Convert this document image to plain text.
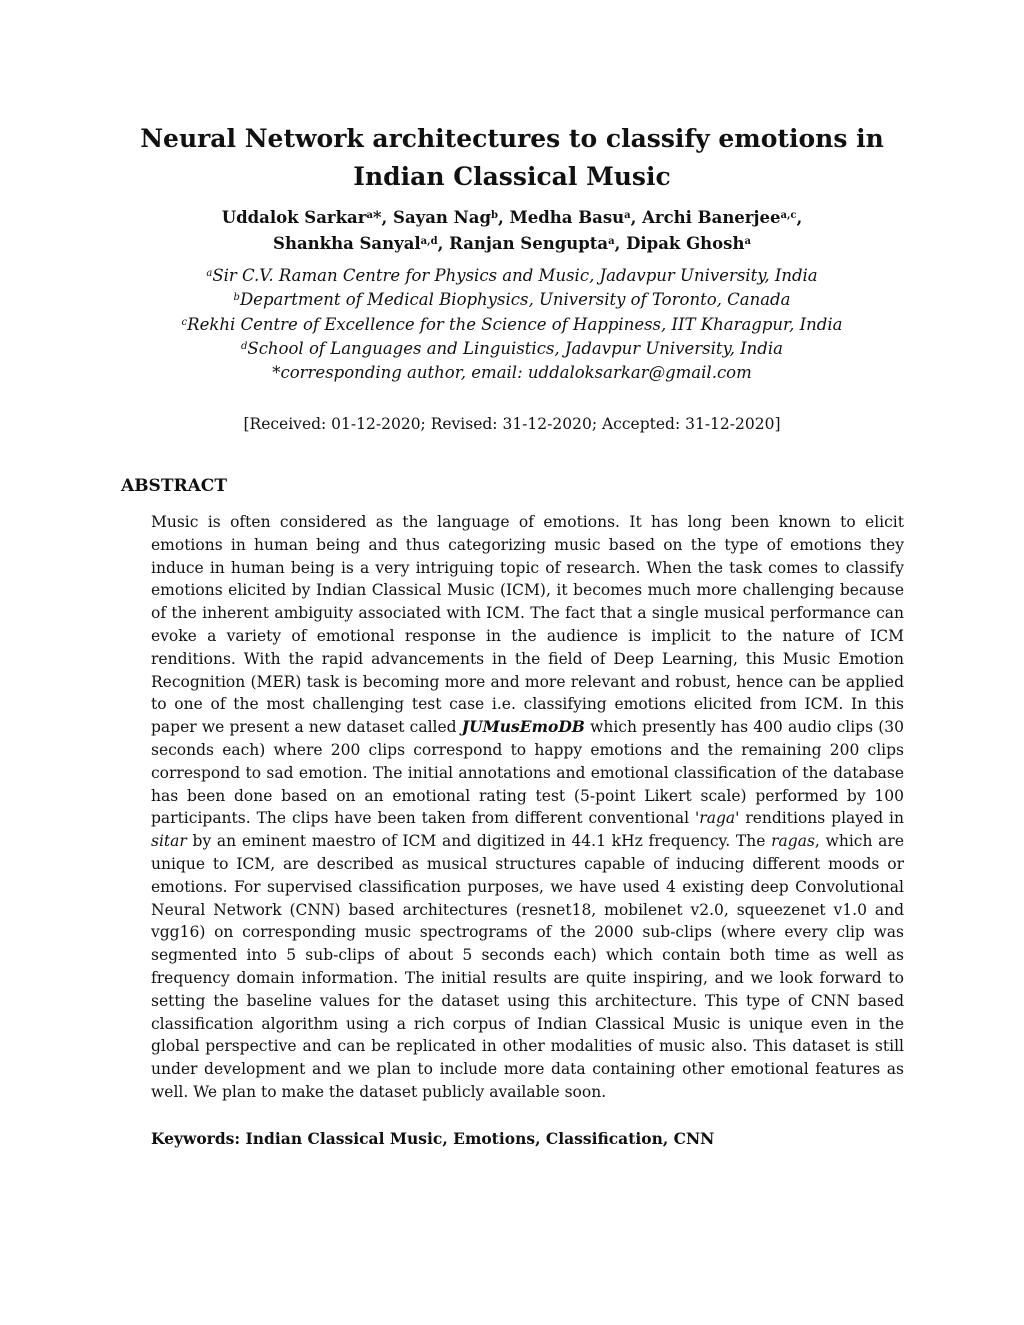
Neural Network architectures to classify emotions in
Indian Classical Music
Uddalok Sarkar$^a$*, Sayan Nag$^b$, Medha Basu$^a$, Archi Banerjee$^{a,c}$,
Shankha Sanyal$^{a,d}$, Ranjan Sengupta$^a$, Dipak Ghosh$^a$
$^a$Sir C.V. Raman Centre for Physics and Music, Jadavpur University, India
$^b$Department of Medical Biophysics, University of Toronto, Canada
$^c$Rekhi Centre of Excellence for the Science of Happiness, IIT Kharagpur, India
$^d$School of Languages and Linguistics, Jadavpur University, India
*corresponding author, email: uddaloksarkar@gmail.com
[Received: 01-12-2020; Revised: 31-12-2020; Accepted: 31-12-2020]
ABSTRACT
Music is often considered as the language of emotions. It has long been known to elicit emotions in human being and thus categorizing music based on the type of emotions they induce in human being is a very intriguing topic of research. When the task comes to classify emotions elicited by Indian Classical Music (ICM), it becomes much more challenging because of the inherent ambiguity associated with ICM. The fact that a single musical performance can evoke a variety of emotional response in the audience is implicit to the nature of ICM renditions. With the rapid advancements in the field of Deep Learning, this Music Emotion Recognition (MER) task is becoming more and more relevant and robust, hence can be applied to one of the most challenging test case i.e. classifying emotions elicited from ICM. In this paper we present a new dataset called JUMusEmoDB which presently has 400 audio clips (30 seconds each) where 200 clips correspond to happy emotions and the remaining 200 clips correspond to sad emotion. The initial annotations and emotional classification of the database has been done based on an emotional rating test (5-point Likert scale) performed by 100 participants. The clips have been taken from different conventional 'raga' renditions played in sitar by an eminent maestro of ICM and digitized in 44.1 kHz frequency. The ragas, which are unique to ICM, are described as musical structures capable of inducing different moods or emotions. For supervised classification purposes, we have used 4 existing deep Convolutional Neural Network (CNN) based architectures (resnet18, mobilenet v2.0, squeezenet v1.0 and vgg16) on corresponding music spectrograms of the 2000 sub-clips (where every clip was segmented into 5 sub-clips of about 5 seconds each) which contain both time as well as frequency domain information. The initial results are quite inspiring, and we look forward to setting the baseline values for the dataset using this architecture. This type of CNN based classification algorithm using a rich corpus of Indian Classical Music is unique even in the global perspective and can be replicated in other modalities of music also. This dataset is still under development and we plan to include more data containing other emotional features as well. We plan to make the dataset publicly available soon.
Keywords: Indian Classical Music, Emotions, Classification, CNN
